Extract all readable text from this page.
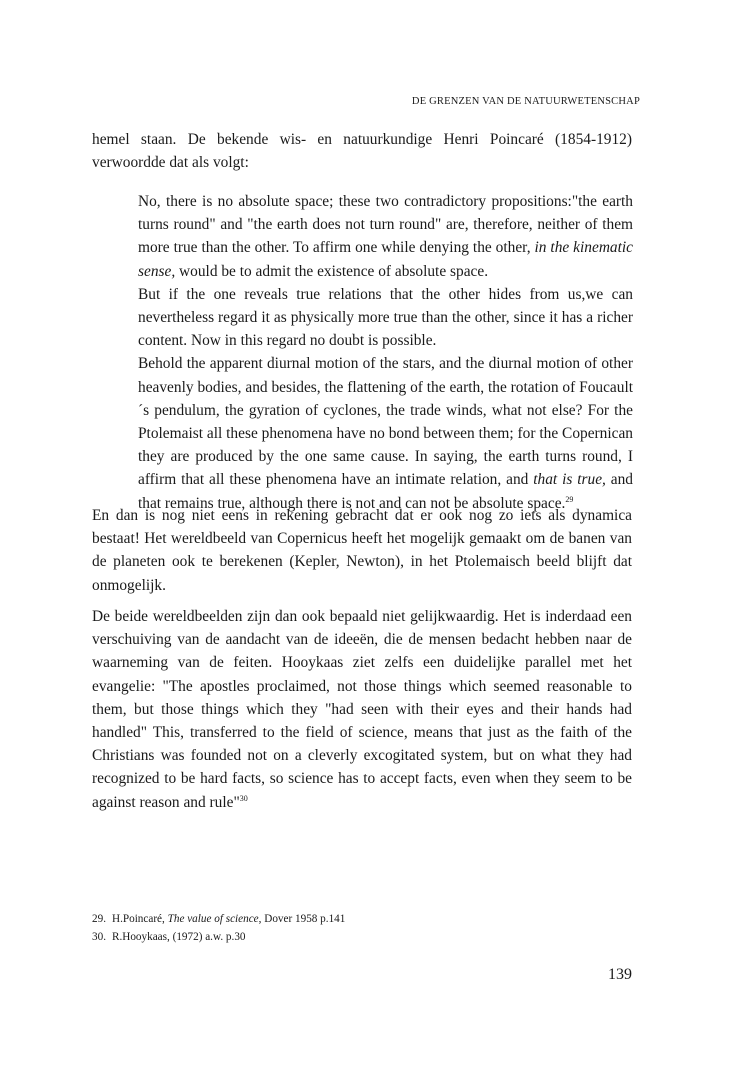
DE GRENZEN VAN DE NATUURWETENSCHAP

hemel staan. De bekende wis- en natuurkundige Henri Poincaré (1854-1912) verwoordde dat als volgt:

No, there is no absolute space; these two contradictory propositions:"the earth turns round" and "the earth does not turn round" are, therefore, neither of them more true than the other. To affirm one while denying the other, in the kinematic sense, would be to admit the existence of absolute space.

But if the one reveals true relations that the other hides from us,we can nevertheless regard it as physically more true than the other, since it has a richer content. Now in this regard no doubt is possible.

Behold the apparent diurnal motion of the stars, and the diurnal motion of other heavenly bodies, and besides, the flattening of the earth, the rotation of Foucault´s pendulum, the gyration of cyclones, the trade winds, what not else? For the Ptolemaist all these phenomena have no bond between them; for the Copernican they are produced by the one same cause. In saying, the earth turns round, I affirm that all these phenomena have an intimate relation, and that is true, and that remains true, although there is not and can not be absolute space.$^{29}$

En dan is nog niet eens in rekening gebracht dat er ook nog zo iets als dynamica bestaat! Het wereldbeeld van Copernicus heeft het mogelijk gemaakt om de banen van de planeten ook te berekenen (Kepler, Newton), in het Ptolemaisch beeld blijft dat onmogelijk.

De beide wereldbeelden zijn dan ook bepaald niet gelijkwaardig. Het is inderdaad een verschuiving van de aandacht van de ideeën, die de mensen bedacht hebben naar de waarneming van de feiten. Hooykaas ziet zelfs een duidelijke parallel met het evangelie: "The apostles proclaimed, not those things which seemed reasonable to them, but those things which they "had seen with their eyes and their hands had handled" This, transferred to the field of science, means that just as the faith of the Christians was founded not on a cleverly excogitated system, but on what they had recognized to be hard facts, so science has to accept facts, even when they seem to be against reason and rule"$^{30}$

29. H.Poincaré, The value of science, Dover 1958 p.141
30. R.Hooykaas, (1972) a.w. p.30
139
